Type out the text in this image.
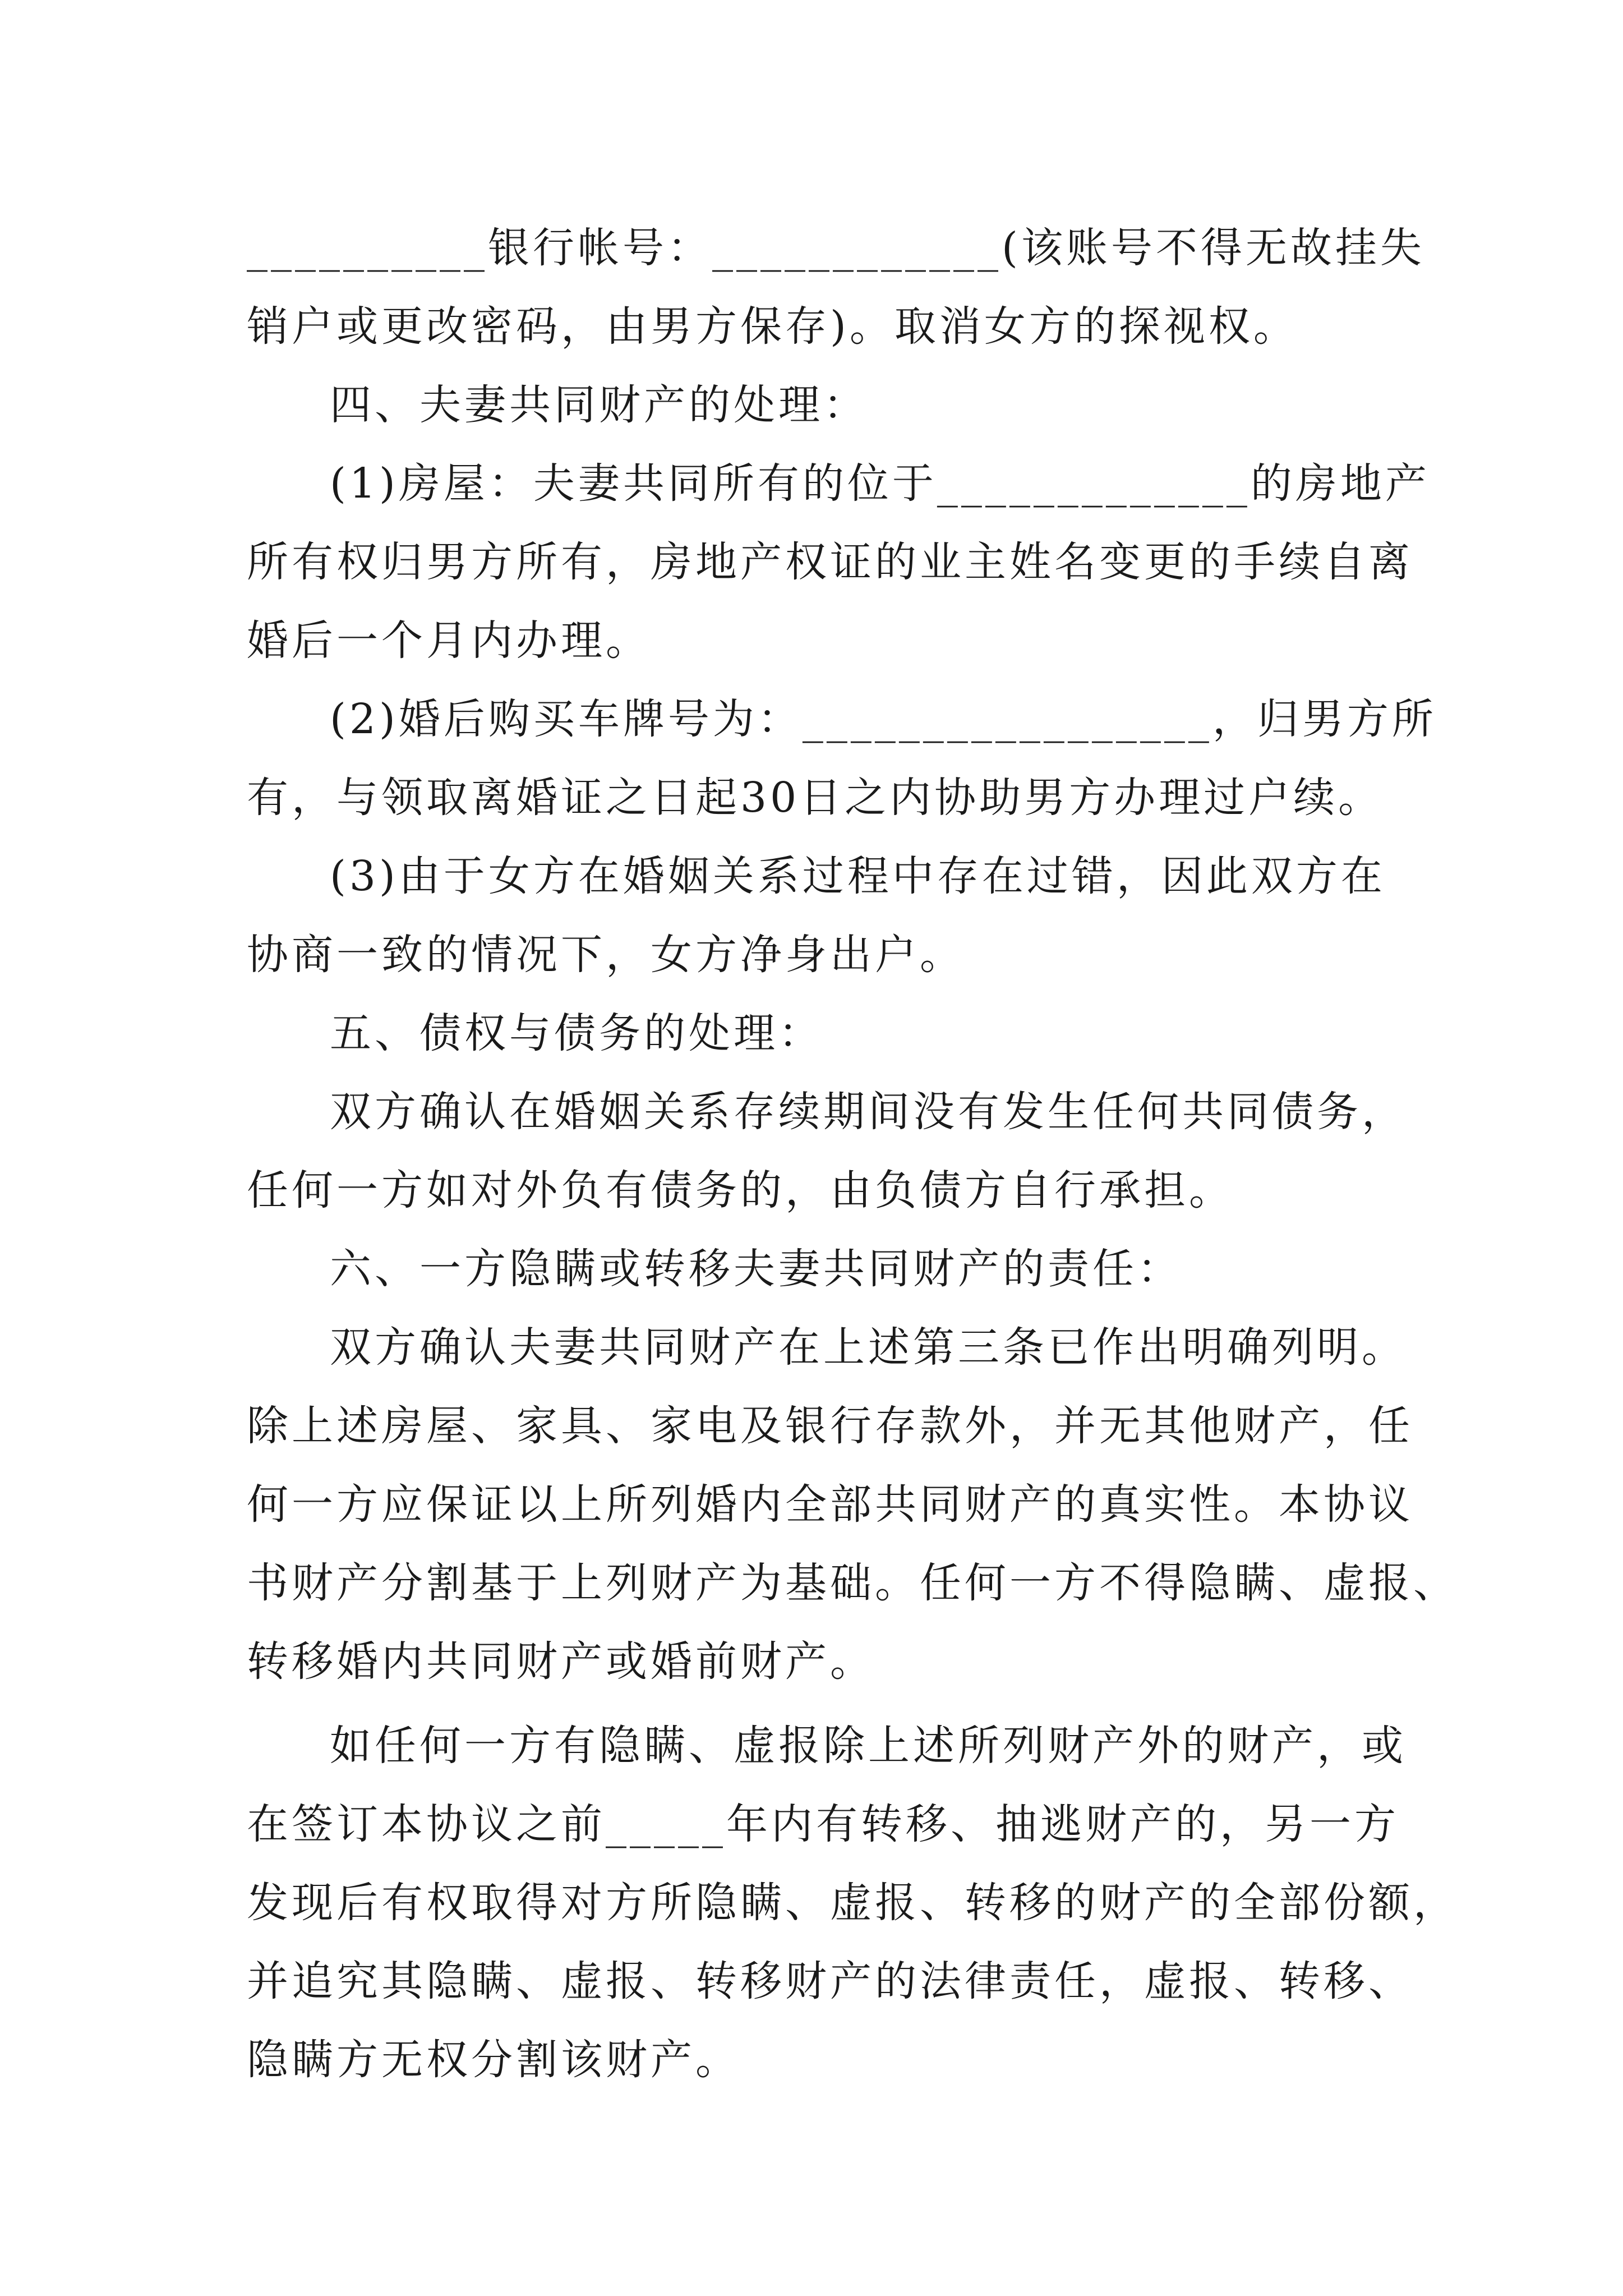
__________银行帐号：____________(该账号不得无故挂失
销户或更改密码，由男方保存)。取消女方的探视权。
四、夫妻共同财产的处理：
(1)房屋：夫妻共同所有的位于_____________的房地产
所有权归男方所有，房地产权证的业主姓名变更的手续自离
婚后一个月内办理。
(2)婚后购买车牌号为：_________________，归男方所
有，与领取离婚证之日起30日之内协助男方办理过户续。
(3)由于女方在婚姻关系过程中存在过错，因此双方在
协商一致的情况下，女方净身出户。
五、债权与债务的处理：
双方确认在婚姻关系存续期间没有发生任何共同债务，
任何一方如对外负有债务的，由负债方自行承担。
六、一方隐瞒或转移夫妻共同财产的责任：
双方确认夫妻共同财产在上述第三条已作出明确列明。
除上述房屋、家具、家电及银行存款外，并无其他财产，任
何一方应保证以上所列婚内全部共同财产的真实性。本协议
书财产分割基于上列财产为基础。任何一方不得隐瞒、虚报、
转移婚内共同财产或婚前财产。
如任何一方有隐瞒、虚报除上述所列财产外的财产，或
在签订本协议之前_____年内有转移、抽逃财产的，另一方
发现后有权取得对方所隐瞒、虚报、转移的财产的全部份额，
并追究其隐瞒、虚报、转移财产的法律责任，虚报、转移、
隐瞒方无权分割该财产。
